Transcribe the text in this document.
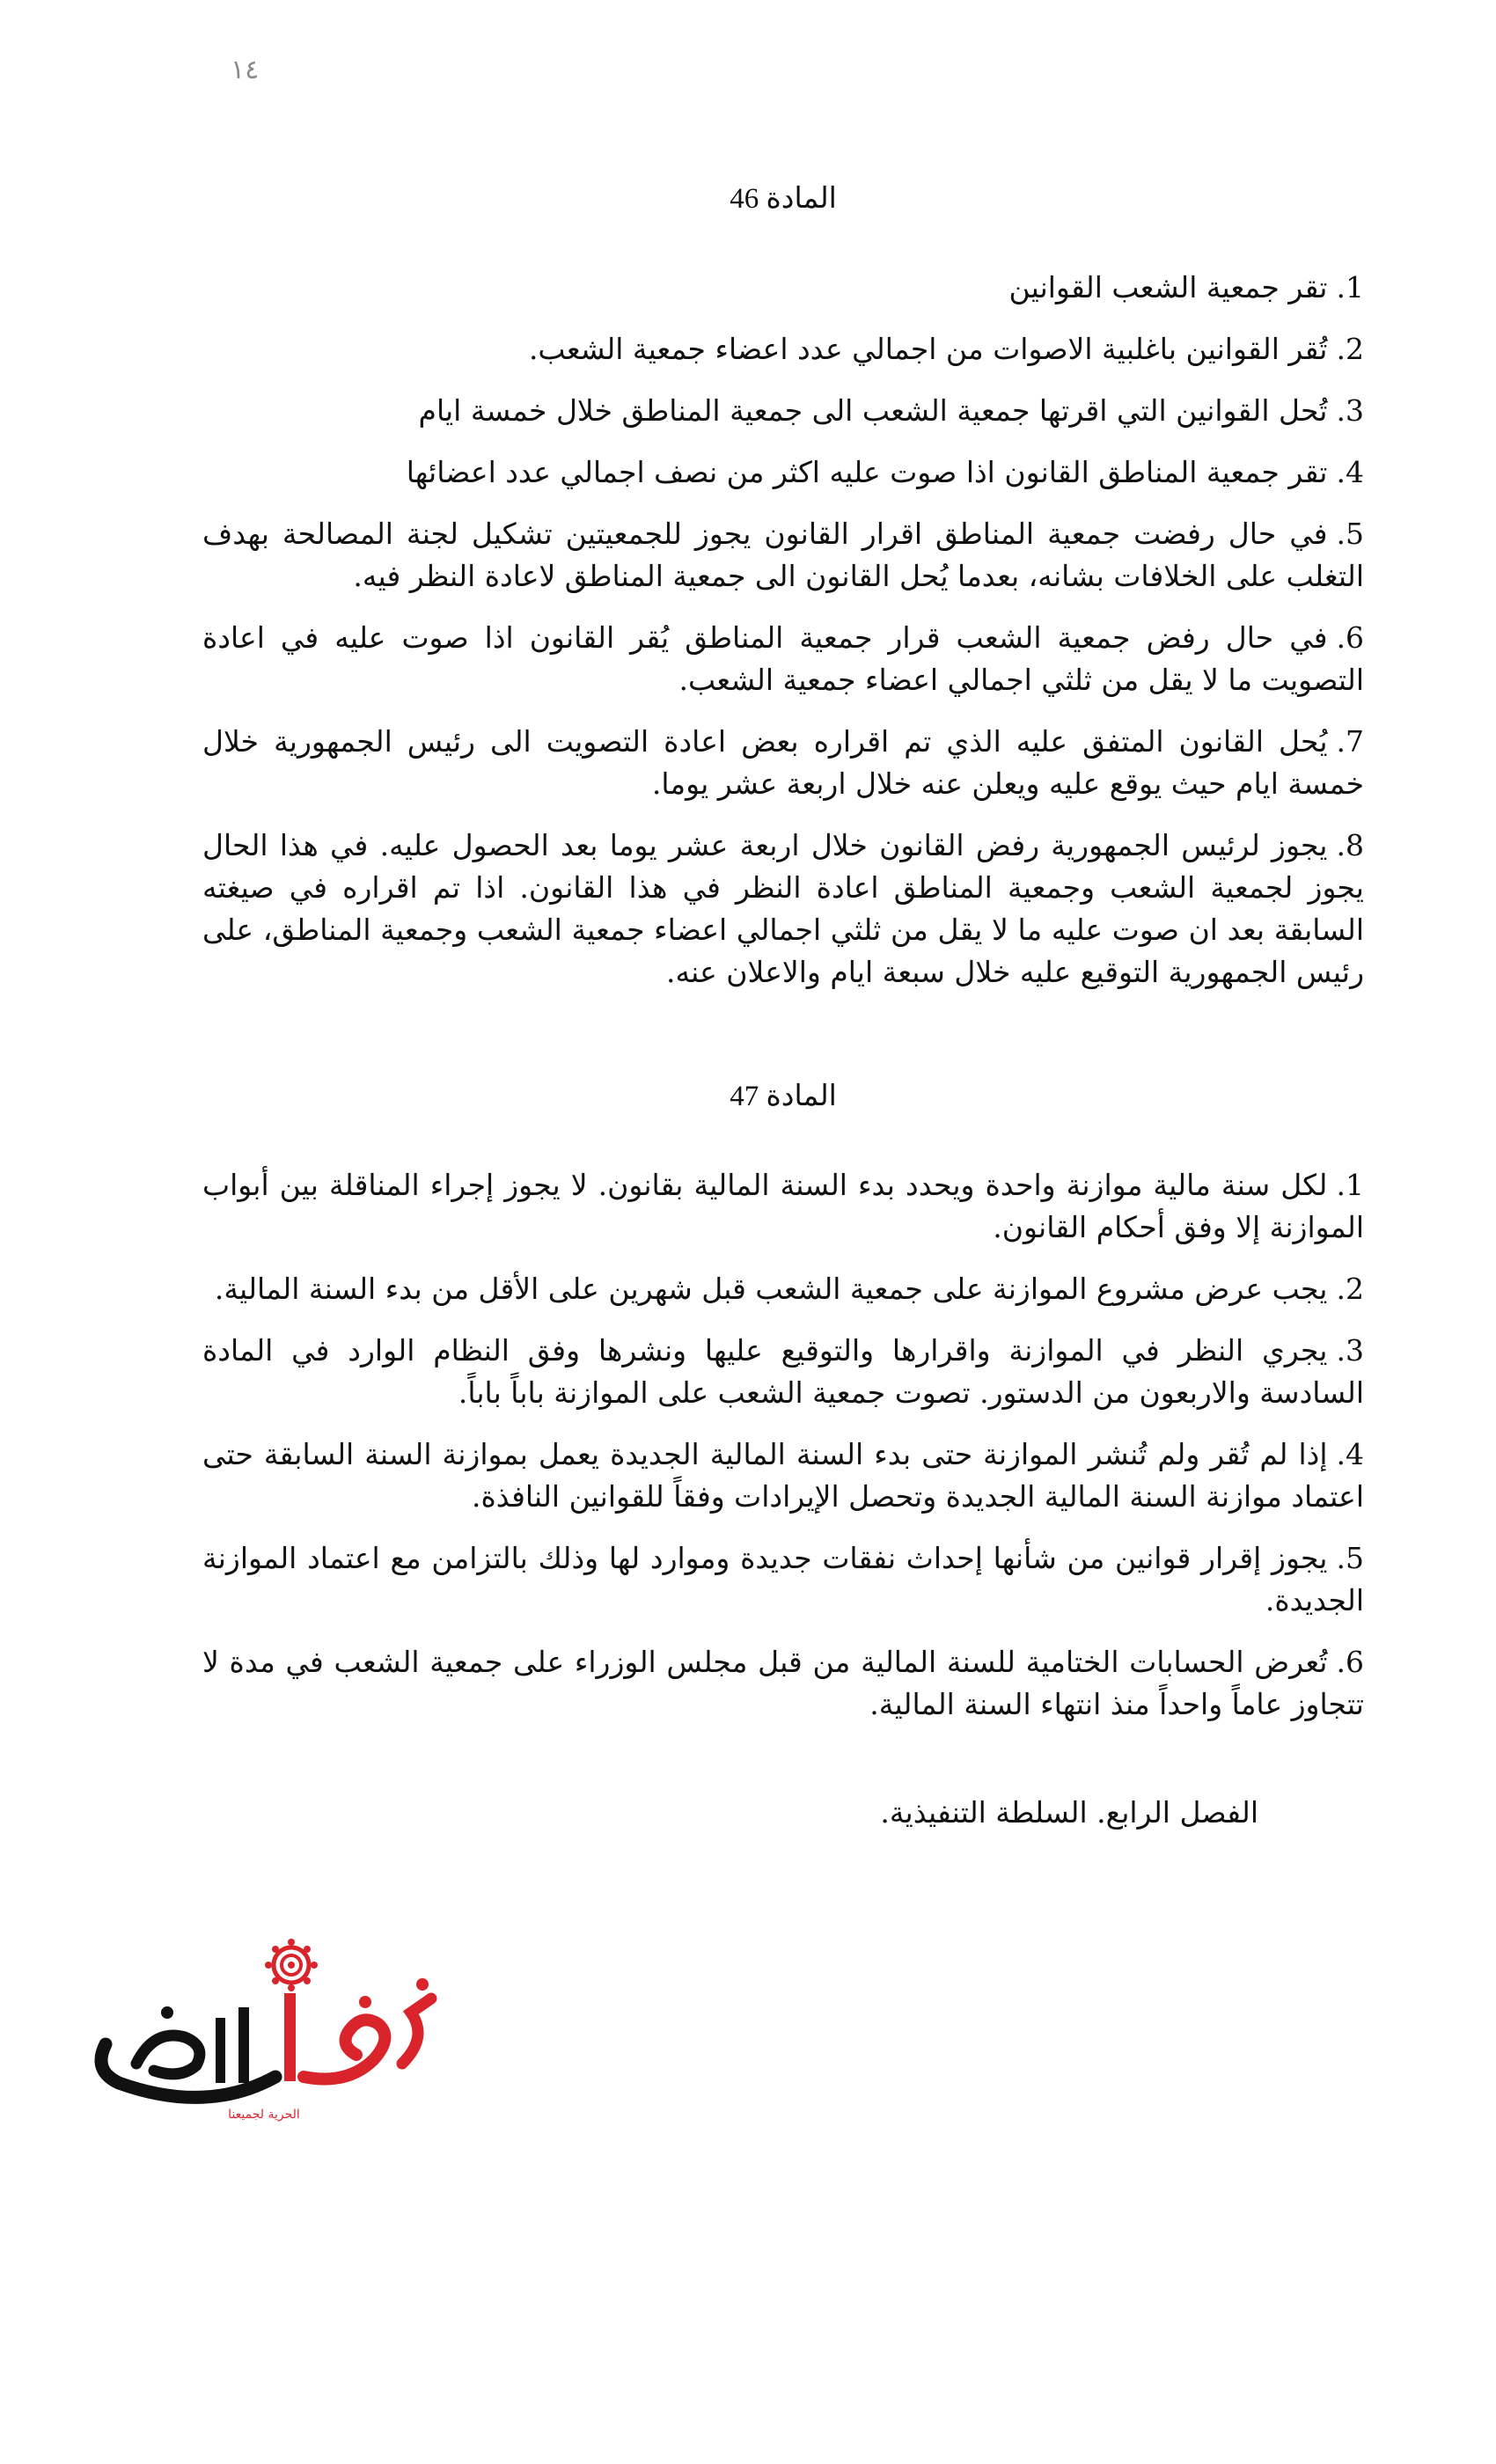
١٤
المادة 46

1.تقر جمعية الشعب القوانين

2.تُقر القوانين باغلبية الاصوات من اجمالي عدد اعضاء جمعية الشعب.

3.تُحل القوانين التي اقرتها جمعية الشعب الى جمعية المناطق خلال خمسة ايام

4.تقر جمعية المناطق القانون اذا صوت عليه اكثر من نصف اجمالي عدد اعضائها

5.في حال رفضت جمعية المناطق اقرار القانون يجوز للجمعيتين تشكيل لجنة المصالحة بهدف التغلب على الخلافات بشانه، بعدما يُحل القانون الى جمعية المناطق لاعادة النظر فيه.

6.في حال رفض جمعية الشعب قرار جمعية المناطق يُقر القانون اذا صوت عليه في اعادة التصويت ما لا يقل من ثلثي اجمالي اعضاء جمعية الشعب.

7.يُحل القانون المتفق عليه الذي تم اقراره بعض اعادة التصويت الى رئيس الجمهورية خلال خمسة ايام حيث يوقع عليه ويعلن عنه خلال اربعة عشر يوما.

8.يجوز لرئيس الجمهورية رفض القانون خلال اربعة عشر يوما بعد الحصول عليه. في هذا الحال يجوز لجمعية الشعب وجمعية المناطق اعادة النظر في هذا القانون. اذا تم اقراره في صيغته السابقة بعد ان صوت عليه ما لا يقل من ثلثي اجمالي اعضاء جمعية الشعب وجمعية المناطق، على رئيس الجمهورية التوقيع عليه خلال سبعة ايام والاعلان عنه.

المادة 47

1.لكل سنة مالية موازنة واحدة ويحدد بدء السنة المالية بقانون. لا يجوز إجراء المناقلة بين أبواب الموازنة إلا وفق أحكام القانون.

2.يجب عرض مشروع الموازنة على جمعية الشعب قبل شهرين على الأقل من بدء السنة المالية.

3.يجري النظر في الموازنة واقرارها والتوقيع عليها ونشرها وفق النظام الوارد في المادة السادسة والاربعون من الدستور. تصوت جمعية الشعب على الموازنة باباً باباً.

4.إذا لم تُقر ولم تُنشر الموازنة حتى بدء السنة المالية الجديدة يعمل بموازنة السنة السابقة حتى اعتماد موازنة السنة المالية الجديدة وتحصل الإيرادات وفقاً للقوانين النافذة.

5.يجوز إقرار قوانين من شأنها إحداث نفقات جديدة وموارد لها وذلك بالتزامن مع اعتماد الموازنة الجديدة.

6.تُعرض الحسابات الختامية للسنة المالية من قبل مجلس الوزراء على جمعية الشعب في مدة لا تتجاوز عاماً واحداً منذ انتهاء السنة المالية.

الفصل الرابع. السلطة التنفيذية.
الحرية لجميعنا
زمان الوصل
